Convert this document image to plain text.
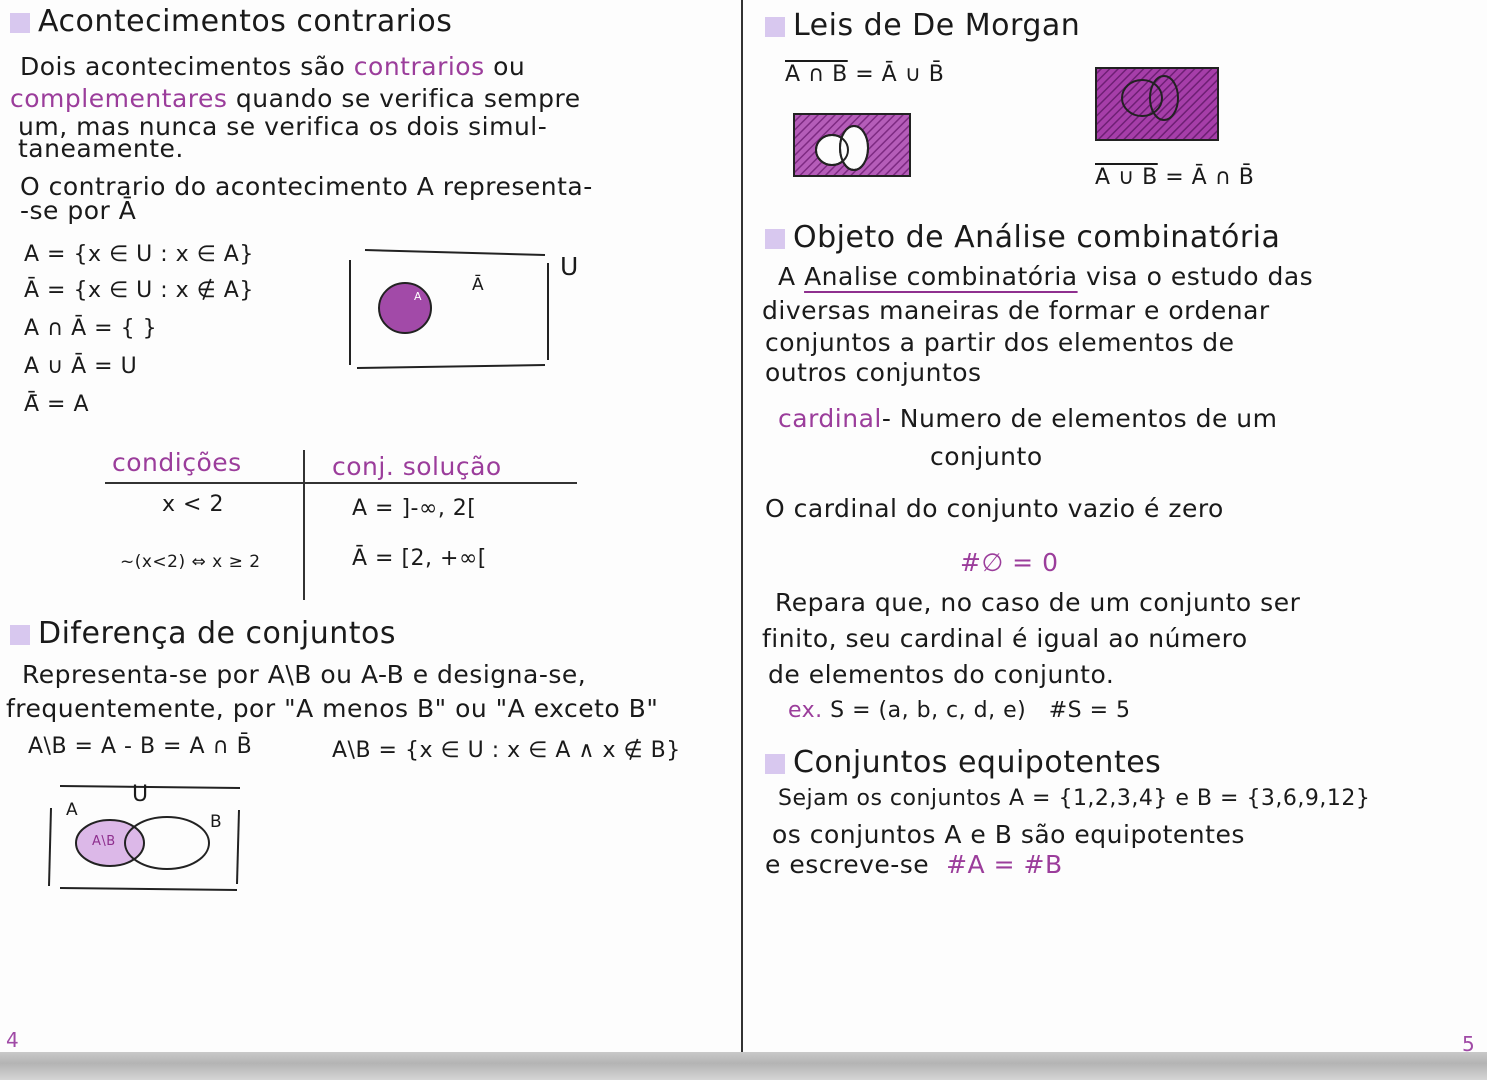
Acontecimentos contrarios
Dois acontecimentos são contrarios ou
complementares quando se verifica sempre
um, mas nunca se verifica os dois simul-
taneamente.
O contrario do acontecimento A representa-
-se por Ā
A = {x ∈ U : x ∈ A}
Ā = {x ∈ U : x ∉ A}
A ∩ Ā = { }
A ∪ Ā = U
Ā̄ = A
Ā
U
A
condições	conj. solução
x < 2	A = ]-∞, 2[
~(x<2) ⇔ x ≥ 2	Ā = [2, +∞[
Diferença de conjuntos
Representa-se por A\B ou A-B e designa-se,
frequentemente, por "A menos B" ou "A exceto B"
A\B = A - B = A ∩ B̄	A\B = {x ∈ U : x ∈ A ∧ x ∉ B}
U
A
B
A\B
4
Leis de De Morgan
A ∩ B = Ā ∪ B̄
A ∪ B = Ā ∩ B̄
Objeto de Análise combinatória
A Analise combinatória visa o estudo das
diversas maneiras de formar e ordenar
conjuntos a partir dos elementos de
outros conjuntos
cardinal- Numero de elementos de um
conjunto
O cardinal do conjunto vazio é zero
#∅ = 0
Repara que, no caso de um conjunto ser
finito, seu cardinal é igual ao número
de elementos do conjunto.
ex. S = (a, b, c, d, e) #S = 5
Conjuntos equipotentes
Sejam os conjuntos A = {1,2,3,4} e B = {3,6,9,12}
os conjuntos A e B são equipotentes
e escreve-se #A = #B
5
